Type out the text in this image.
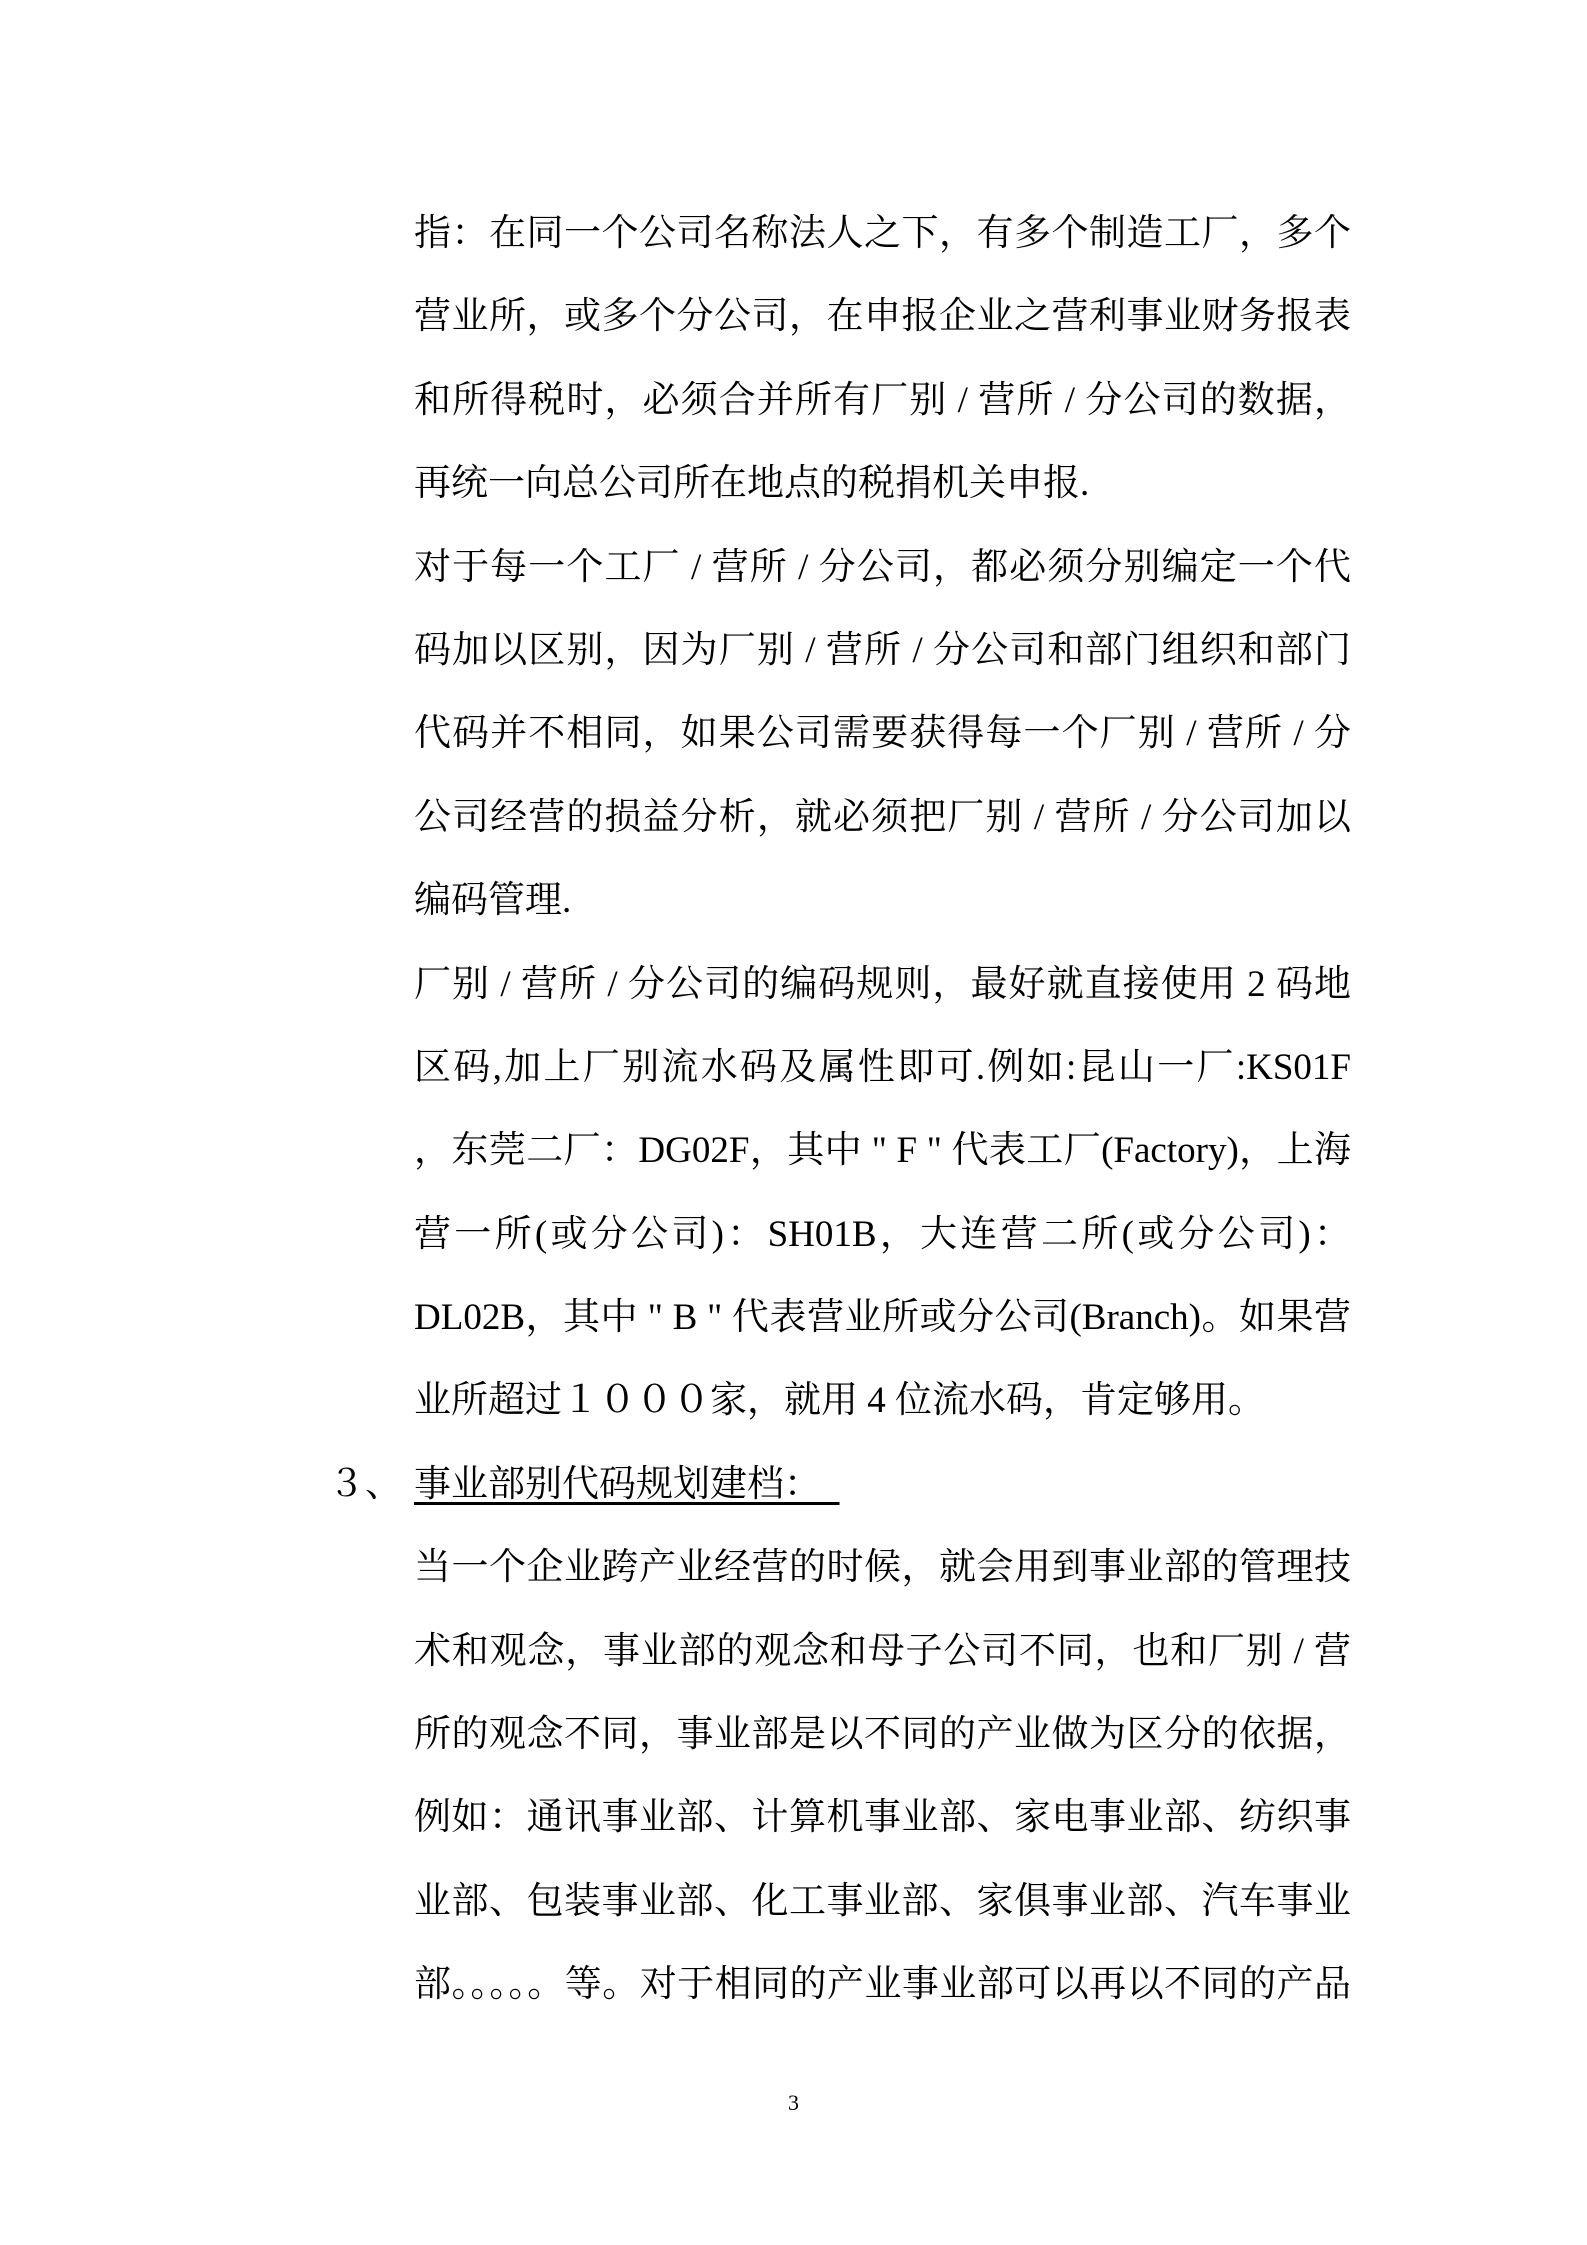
指：在同一个公司名称法人之下，有多个制造工厂，多个
营业所，或多个分公司，在申报企业之营利事业财务报表
和所得税时，必须合并所有厂别 / 营所 / 分公司的数据，
再统一向总公司所在地点的税捐机关申报.
对于每一个工厂 / 营所 / 分公司，都必须分别编定一个代
码加以区别，因为厂别 / 营所 / 分公司和部门组织和部门
代码并不相同，如果公司需要获得每一个厂别 / 营所 / 分
公司经营的损益分析，就必须把厂别 / 营所 / 分公司加以
编码管理.
厂别 / 营所 / 分公司的编码规则，最好就直接使用 2 码地
区码,加上厂别流水码及属性即可.例如:昆山一厂:KS01F
，东莞二厂：DG02F，其中 " F " 代表工厂(Factory)，上海
营一所(或分公司)：SH01B，大连营二所(或分公司)：
DL02B，其中 " B " 代表营业所或分公司(Branch)。如果营
业所超过１０００家，就用 4 位流水码，肯定够用。
３、 事业部别代码规划建档：
当一个企业跨产业经营的时候，就会用到事业部的管理技
术和观念，事业部的观念和母子公司不同，也和厂别 / 营
所的观念不同，事业部是以不同的产业做为区分的依据，
例如：通讯事业部、计算机事业部、家电事业部、纺织事
业部、包装事业部、化工事业部、家俱事业部、汽车事业
部。。。。。等。对于相同的产业事业部可以再以不同的产品
3
